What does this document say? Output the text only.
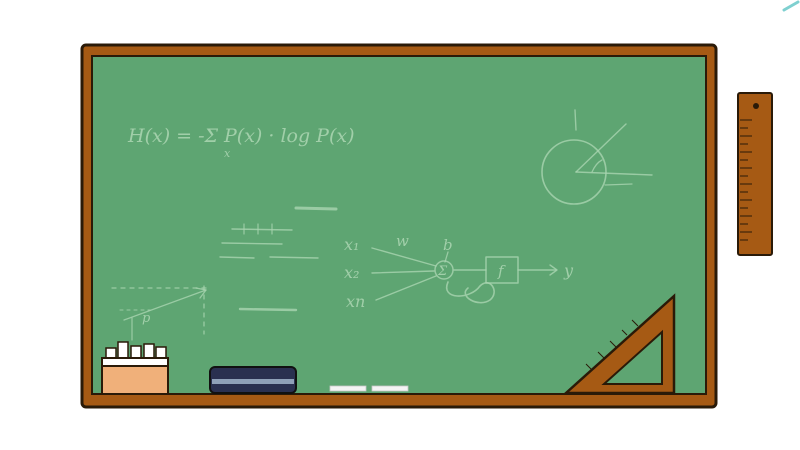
H(x) = -Σ P(x) · log P(x)
x
x₁
x₂
xn
w b
Σ	f	y
p
